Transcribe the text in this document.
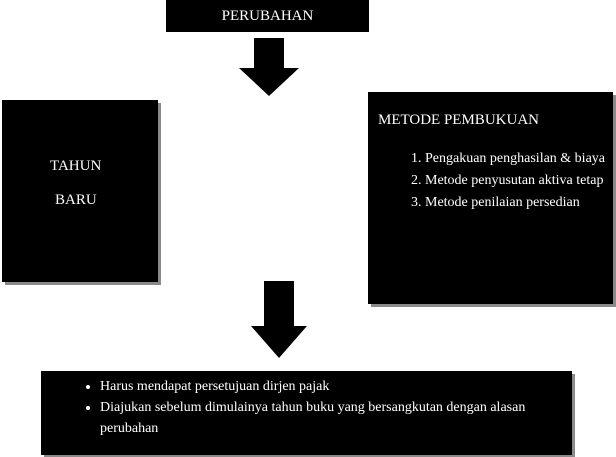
PERUBAHAN
TAHUN
BARU
METODE PEMBUKUAN
1. Pengakuan penghasilan & biaya
2. Metode penyusutan aktiva tetap
3. Metode penilaian persedian
• Harus mendapat persetujuan dirjen pajak
• Diajukan sebelum dimulainya tahun buku yang bersangkutan dengan alasan perubahan
